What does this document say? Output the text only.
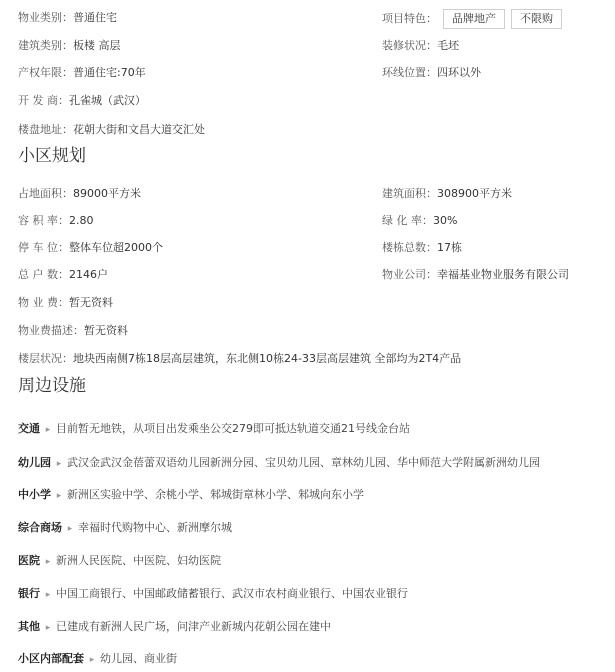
物业类别：普通住宅	项目特色： 品牌地产 不限购
建筑类别：板楼 高层	装修状况：毛坯
产权年限：普通住宅:70年	环线位置：四环以外
开 发 商：孔雀城（武汉）
楼盘地址：花朝大街和文昌大道交汇处
小区规划
占地面积：89000平方米	建筑面积：308900平方米
容 积 率：2.80	绿 化 率：30%
停 车 位：整体车位超2000个	楼栋总数：17栋
总 户 数：2146户	物业公司：幸福基业物业服务有限公司
物 业 费：暂无资料
物业费描述：暂无资料
楼层状况：地块西南侧7栋18层高层建筑，东北侧10栋24-33层高层建筑 全部均为2T4产品
周边设施
交通 ▸ 目前暂无地铁，从项目出发乘坐公交279即可抵达轨道交通21号线金台站
幼儿园 ▸ 武汉金武汉金蓓蕾双语幼儿园新洲分园、宝贝幼儿园、章林幼儿园、华中师范大学附属新洲幼儿园
中小学 ▸ 新洲区实验中学、余桃小学、邾城街章林小学、邾城向东小学
综合商场 ▸ 幸福时代购物中心、新洲摩尔城
医院 ▸ 新洲人民医院、中医院、妇幼医院
银行 ▸ 中国工商银行、中国邮政储蓄银行、武汉市农村商业银行、中国农业银行
其他 ▸ 已建成有新洲人民广场，问津产业新城内花朝公园在建中
小区内部配套 ▸ 幼儿园、商业街
